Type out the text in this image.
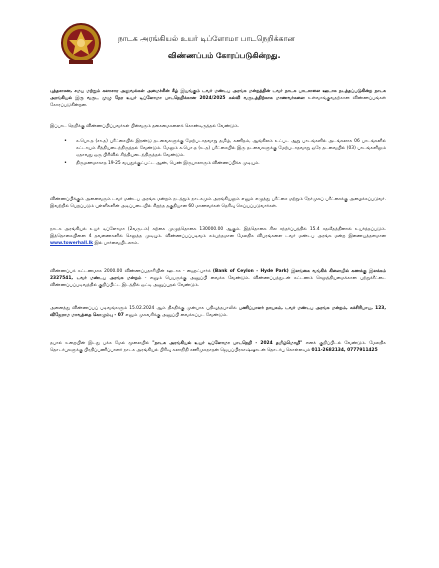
நாடக அரங்கியல் உயர் டிப்ளோமா பாடநெறிக்கான
விண்ணப்பம் கோரப்படுகின்றது.
புத்தசாசன, சமய மற்றும் கலாசார அலுவல்கள் அமைச்சின் கீழ் இயங்கும் டவர் மண்டப அரங்க மன்றத்தின் டவர் நாடக பாடசாலை ஊடாக நடத்தப்படுகின்ற நாடக அரங்கியல் இரு வருட முழு நேர உயர் டிப்ளோமா பாடநெறிக்கான 2024/2025 கல்வி வருடத்திற்காக மாணவர்களை உள்வாங்குவதற்கான விண்ணப்பங்கள் கோரப்படுகின்றன.
இப்பாட நெறிக்கு விண்ணப்பிப்பவர்கள் பின்வரும் தகைமைகளைக் கொண்டிருத்தல் வேண்டும்.
• க.பொ.த (சா.த) பரீட்சையில் இரண்டு தடவைகளுக்கு மேற்படாதவாறு தமிழ், கணிதம், ஆங்கிலம் உட்பட ஆறு பாடங்களில் அடங்கலாக 06 பாடங்களில் கட்டாயம் சித்தியடைந்திருத்தல் வேண்டும். மேலும் க.பொ.த (உ.த) பரீட்சையில் இரு தடவைகளுக்கு மேற்படாதவாறு ஒரே தடவையில் (03) பாடங்களிலும் ஏதாவது ஒரு பிரிவில் சித்தியடைந்திருத்தல் வேண்டும்.
• திருமணமாகாத 19-25 வயதுக்குட்பட்ட ஆண், பெண் இருபாலாரும் விண்ணப்பிக்க முடியும்.
விண்ணப்பிக்கும் அனைவரும் டவர் மண்டப அரங்க மன்றம் நடத்தும் நாடகமும் அரங்கியலும் எனும் எழுத்து பரீட்சை மற்றும் நேர்முகப் பரீட்சைக்கு அழைக்கப்படுவர். இவற்றில் பெறப்படும் புள்ளிகளின் அடிப்படையில் சிறந்த தகுதியான 60 மாணவர்கள் தெரிவு செய்யப்படுவார்கள்.
நாடக அரங்கியல் உயர் டிப்ளோமா (2வருடம்) கற்கை முழுத்தொகை 130000.00 ஆகும். இத்தொகை சில சந்தர்ப்பத்தில் 15.4 சதவீதத்தினால் உயர்த்தப்படும். இத்தொகையினை 4 தவணைகளில் செலுத்த முடியும். விண்ணப்பப்படிவம் சம்பந்தமான மேலதிக விபரங்களை டவர் மண்டப அரங்க மன்ற இணையத்தளமான www.towerhall.lk இல் பார்வையிடலாம்.
விண்ணப்பக் கட்டணமாக 2000.00 விண்ணப்பதாரியின் ஊடாக - ஹைட்பார்க் (Bank of Ceylon - Hyde Park) இலங்கை வங்கிக் கிளையில் கணக்கு இலக்கம் 2327541, டவர் மண்டப அரங்க மன்றம் - எனும் பெயருக்கு அனுப்பி வைக்க வேண்டும். விண்ணப்பத்துடன் கட்டணம் செலுத்தியமைக்கான பற்றுச்சீட்டை விண்ணப்பப்படிவத்தில் குறிப்பிட்ட இடத்தில் ஒட்டி அனுப்புதல் வேண்டும்.
அனைத்து விண்ணப்பப் படிவங்களும் 15.02.2024 ஆம் திகதிக்கு முன்பாக பதிவுத்தபாலில் பணிப்பாளர் நாயகம், டவர் மண்டப அரங்க மன்றம், சுச்சிரிபாய, 123, விஜேராம மாவத்தை கொழும்பு - 07 எனும் முகவரிக்கு அனுப்பி வைக்கப்பட வேண்டும்.
தபால் உறையின் இடது பக்க மேல் மூலையில் "நாடக அரங்கியல் உயர் டிப்ளோமா பாடநெறி - 2024 தமிழ்மொழி" எனக் குறிப்பிடல் வேண்டும். மேலதிக தொடர்புகளுக்கு பிரதிப்பணிப்பாளர் நாடக அரங்கியல் பிரிவு கலாநிதி சணிமுகநாதன் ஜெயப்பிரகாஷ்ஷுடன் தொடர்பு கொள்ளவும் 011-2682134, 0777911425
